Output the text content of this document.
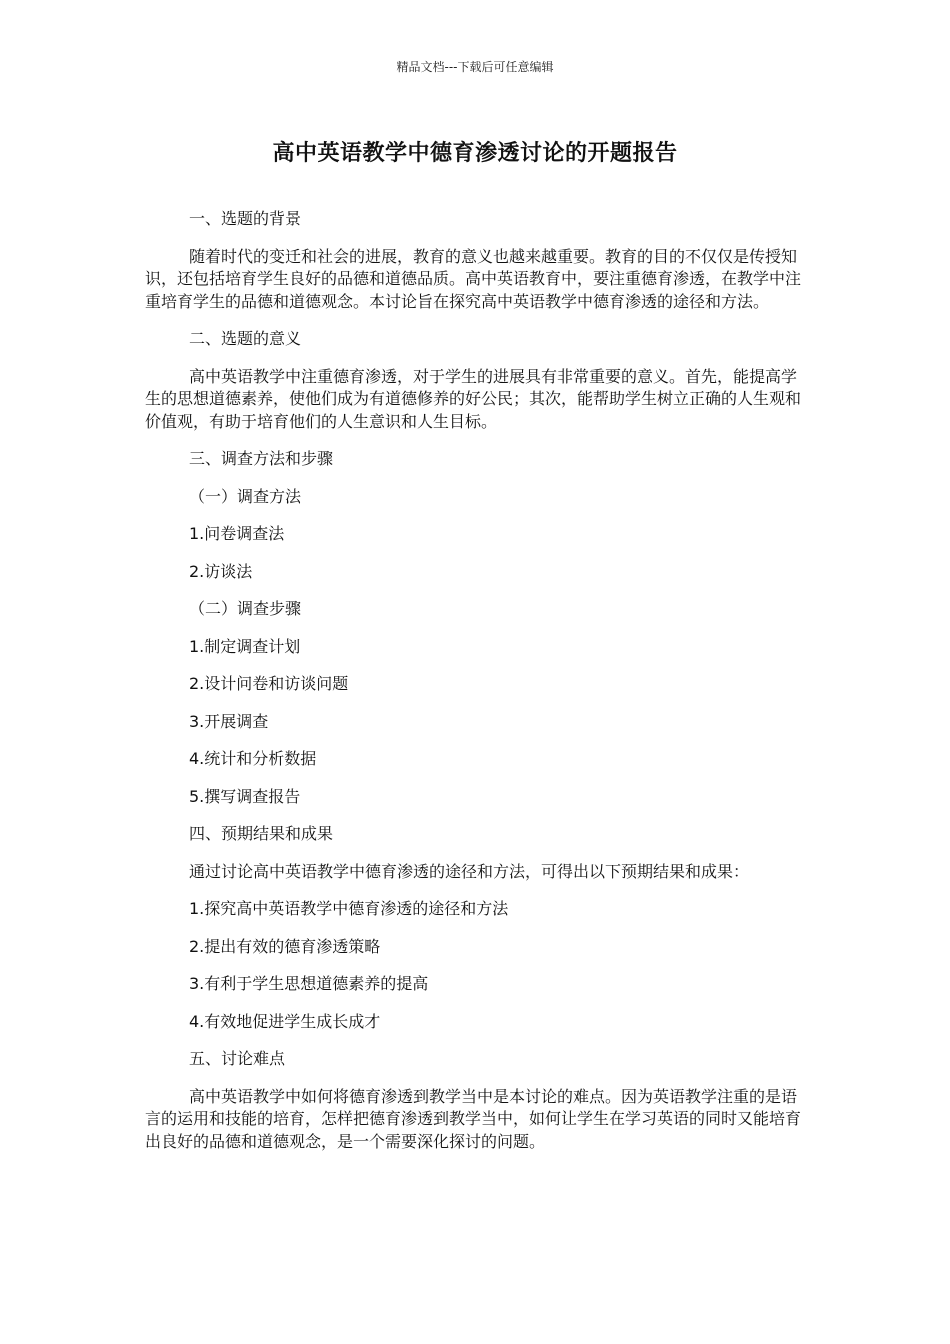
精品文档---下载后可任意编辑
高中英语教学中德育渗透讨论的开题报告

一、选题的背景

随着时代的变迁和社会的进展，教育的意义也越来越重要。教育的目的不仅仅是传授知识，还包括培育学生良好的品德和道德品质。高中英语教育中，要注重德育渗透，在教学中注重培育学生的品德和道德观念。本讨论旨在探究高中英语教学中德育渗透的途径和方法。

二、选题的意义

高中英语教学中注重德育渗透，对于学生的进展具有非常重要的意义。首先，能提高学生的思想道德素养，使他们成为有道德修养的好公民；其次，能帮助学生树立正确的人生观和价值观，有助于培育他们的人生意识和人生目标。

三、调查方法和步骤

（一）调查方法

1.问卷调查法

2.访谈法

（二）调查步骤

1.制定调查计划

2.设计问卷和访谈问题

3.开展调查

4.统计和分析数据

5.撰写调查报告

四、预期结果和成果

通过讨论高中英语教学中德育渗透的途径和方法，可得出以下预期结果和成果：

1.探究高中英语教学中德育渗透的途径和方法

2.提出有效的德育渗透策略

3.有利于学生思想道德素养的提高

4.有效地促进学生成长成才

五、讨论难点

高中英语教学中如何将德育渗透到教学当中是本讨论的难点。因为英语教学注重的是语言的运用和技能的培育，怎样把德育渗透到教学当中，如何让学生在学习英语的同时又能培育出良好的品德和道德观念，是一个需要深化探讨的问题。
